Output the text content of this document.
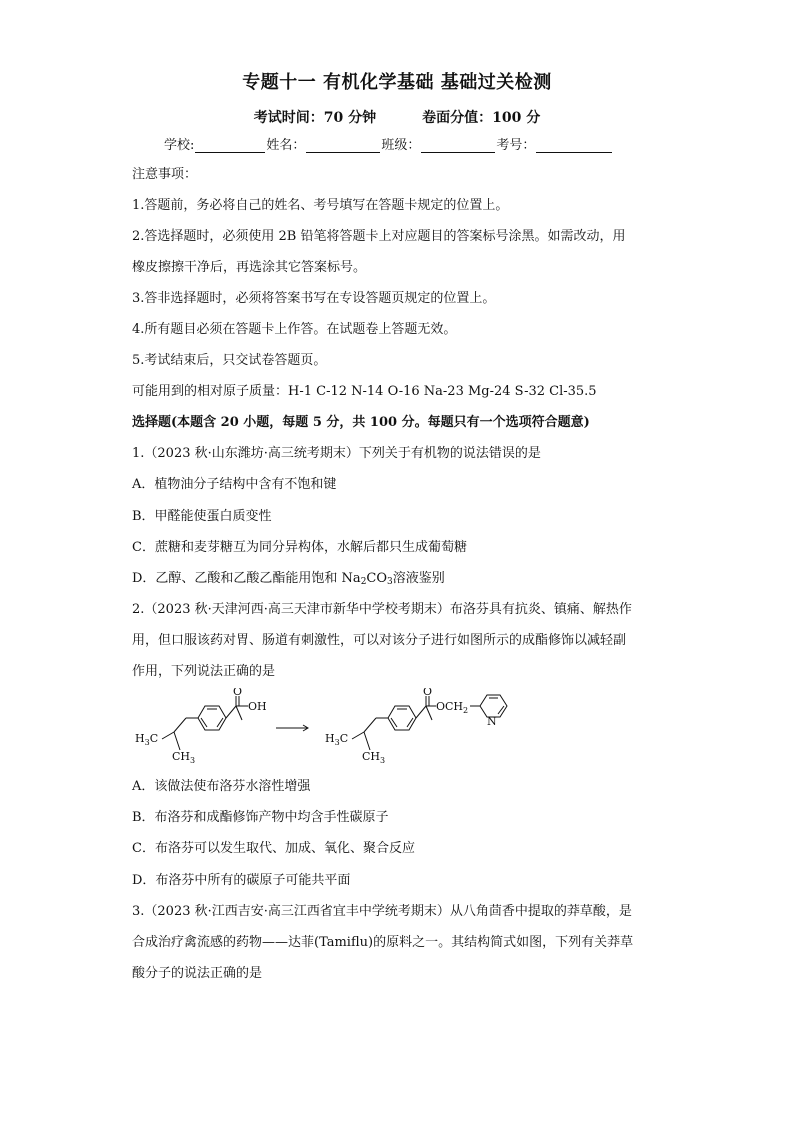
专题十一 有机化学基础 基础过关检测
考试时间：70 分钟	卷面分值：100 分
学校:	姓名：	班级：	考号：
注意事项：
1.答题前，务必将自己的姓名、考号填写在答题卡规定的位置上。
2.答选择题时，必须使用 2B 铅笔将答题卡上对应题目的答案标号涂黑。如需改动，用
橡皮擦擦干净后，再选涂其它答案标号。
3.答非选择题时，必须将答案书写在专设答题页规定的位置上。
4.所有题目必须在答题卡上作答。在试题卷上答题无效。
5.考试结束后，只交试卷答题页。
可能用到的相对原子质量：H-1 C-12 N-14 O-16 Na-23 Mg-24 S-32 Cl-35.5
选择题(本题含 20 小题，每题 5 分，共 100 分。每题只有一个选项符合题意)
1.（2023 秋·山东潍坊·高三统考期末）下列关于有机物的说法错误的是
A．植物油分子结构中含有不饱和键
B．甲醛能使蛋白质变性
C．蔗糖和麦芽糖互为同分异构体，水解后都只生成葡萄糖
D．乙醇、乙酸和乙酸乙酯能用饱和 $Na_2CO_3$溶液鉴别
2.（2023 秋·天津河西·高三天津市新华中学校考期末）布洛芬具有抗炎、镇痛、解热作
用，但口服该药对胃、肠道有刺激性，可以对该分子进行如图所示的成酯修饰以减轻副
作用，下列说法正确的是
O
OH
$H_3C$
$CH_3$
O
$OCH_2$
N
$H_3C$
$CH_3$
A．该做法使布洛芬水溶性增强
B．布洛芬和成酯修饰产物中均含手性碳原子
C．布洛芬可以发生取代、加成、氧化、聚合反应
D．布洛芬中所有的碳原子可能共平面
3.（2023 秋·江西吉安·高三江西省宜丰中学统考期末）从八角茴香中提取的莽草酸，是
合成治疗禽流感的药物——达菲(Tamiflu)的原料之一。其结构简式如图，下列有关莽草
酸分子的说法正确的是
